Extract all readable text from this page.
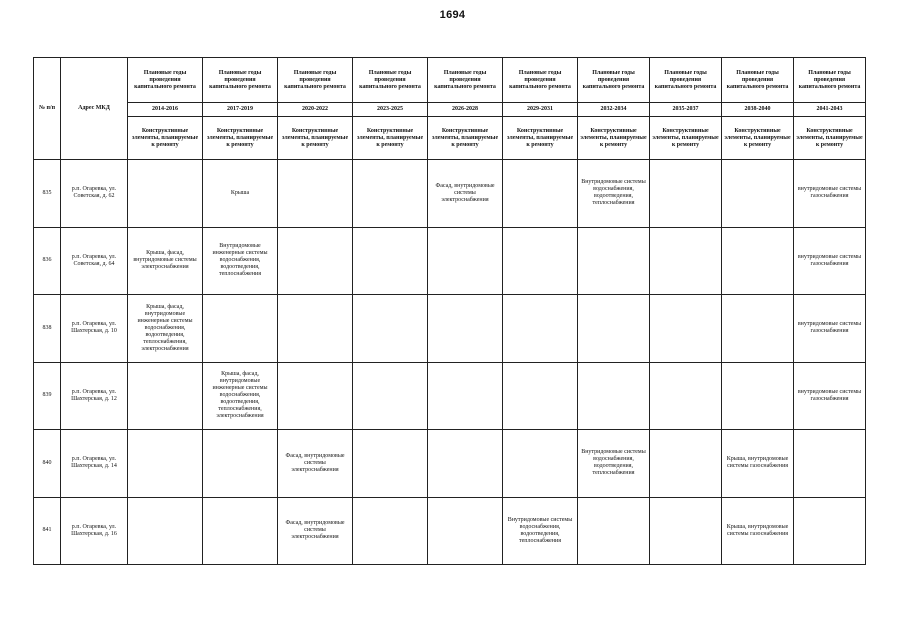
1694
№ п/п	Адрес МКД	Плановые годы проведения капитального ремонта	Плановые годы проведения капитального ремонта	Плановые годы проведения капитального ремонта	Плановые годы проведения капитального ремонта	Плановые годы проведения капитального ремонта	Плановые годы проведения капитального ремонта	Плановые годы проведения капитального ремонта	Плановые годы проведения капитального ремонта	Плановые годы проведения капитального ремонта	Плановые годы проведения капитального ремонта
		2014-2016	2017-2019	2020-2022	2023-2025	2026-2028	2029-2031	2032-2034	2035-2037	2038-2040	2041-2043
		Конструктивные элементы, планируемые к ремонту	Конструктивные элементы, планируемые к ремонту	Конструктивные элементы, планируемые к ремонту	Конструктивные элементы, планируемые к ремонту	Конструктивные элементы, планируемые к ремонту	Конструктивные элементы, планируемые к ремонту	Конструктивные элементы, планируемые к ремонту	Конструктивные элементы, планируемые к ремонту	Конструктивные элементы, планируемые к ремонту	Конструктивные элементы, планируемые к ремонту
835	р.п. Огаревка, ул. Советская, д. 62		Крыша			Фасад, внутридомовые системы электроснабжения		Внутридомовые системы водоснабжения, водоотведения, теплоснабжения			внутридомовые системы газоснабжения
836	р.п. Огаревка, ул. Советская, д. 64	Крыша, фасад, внутридомовые системы электроснабжения	Внутридомовые инженерные системы водоснабжения, водоотведения, теплоснабжения								внутридомовые системы газоснабжения
838	р.п. Огаревка, ул. Шахтерская, д. 10	Крыша, фасад, внутридомовые инженерные системы водоснабжения, водоотведения, теплоснабжения, электроснабжения									внутридомовые системы газоснабжения
839	р.п. Огаревка, ул. Шахтерская, д. 12		Крыша, фасад, внутридомовые инженерные системы водоснабжения, водоотведения, теплоснабжения, электроснабжения								внутридомовые системы газоснабжения
840	р.п. Огаревка, ул. Шахтерская, д. 14			Фасад, внутридомовые системы электроснабжения				Внутридомовые системы водоснабжения, водоотведения, теплоснабжения		Крыша, внутридомовые системы газоснабжения	
841	р.п. Огаревка, ул. Шахтерская, д. 16			Фасад, внутридомовые системы электроснабжения			Внутридомовые системы водоснабжения, водоотведения, теплоснабжения			Крыша, внутридомовые системы газоснабжения	
